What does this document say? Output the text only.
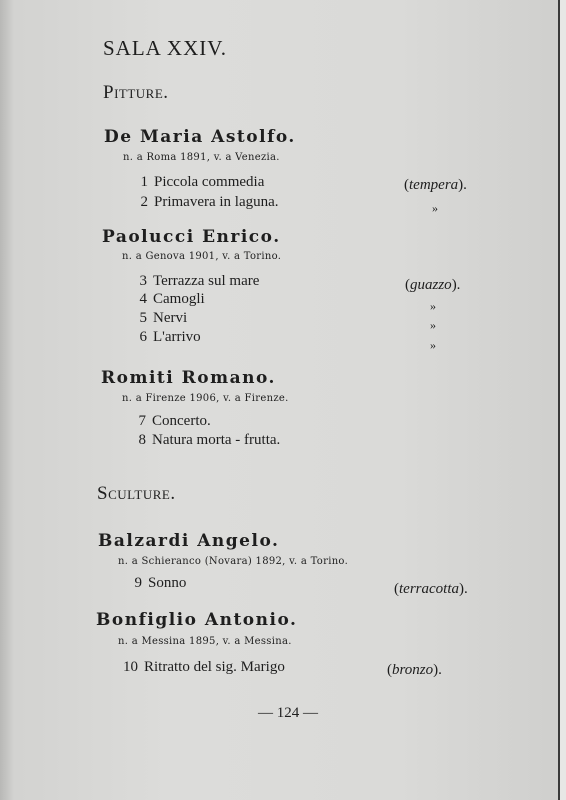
SALA XXIV.
Pitture.
De Maria Astolfo.
n. a Roma 1891, v. a Venezia.
1 Piccola commedia	(tempera).
2 Primavera in laguna.	»
Paolucci Enrico.
n. a Genova 1901, v. a Torino.
3 Terrazza sul mare	(guazzo).
4 Camogli	»
5 Nervi	»
6 L'arrivo	»
Romiti Romano.
n. a Firenze 1906, v. a Firenze.
7 Concerto.
8 Natura morta - frutta.
Sculture.
Balzardi Angelo.
n. a Schieranco (Novara) 1892, v. a Torino.
9 Sonno	(terracotta).
Bonfiglio Antonio.
n. a Messina 1895, v. a Messina.
10 Ritratto del sig. Marigo	(bronzo).
— 124 —
